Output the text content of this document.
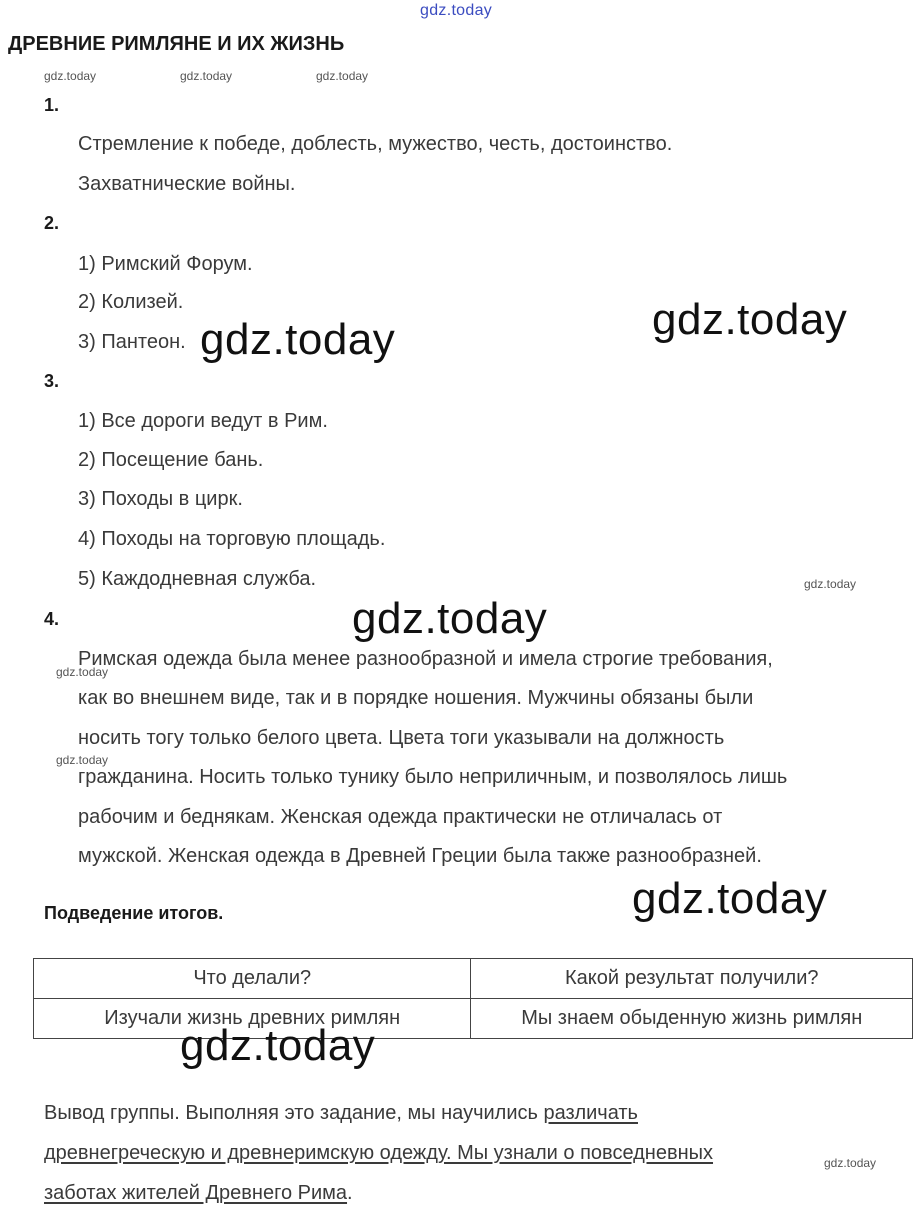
gdz.today
gdz.today	gdz.today	gdz.today
gdz.today
gdz.today
gdz.today
gdz.today
ДРЕВНИЕ РИМЛЯНЕ И ИХ ЖИЗНЬ
1.
Стремление к победе, доблесть, мужество, честь, достоинство.
Захватнические войны.
2.
1) Римский Форум.
2) Колизей.
3) Пантеон.
3.
1) Все дороги ведут в Рим.
2) Посещение бань.
3) Походы в цирк.
4) Походы на торговую площадь.
5) Каждодневная служба.
4.
Римская одежда была менее разнообразной и имела строгие требования,
как во внешнем виде, так и в порядке ношения. Мужчины обязаны были
носить тогу только белого цвета. Цвета тоги указывали на должность
гражданина. Носить только тунику было неприличным, и позволялось лишь
рабочим и беднякам. Женская одежда практически не отличалась от
мужской. Женская одежда в Древней Греции была также разнообразней.
Подведение итогов.
Что делали?	Какой результат получили?
Изучали жизнь древних римлян	Мы знаем обыденную жизнь римлян
Вывод группы. Выполняя это задание, мы научились различать
древнегреческую и древнеримскую одежду. Мы узнали о повседневных
заботах жителей Древнего Рима.
gdz.today	gdz.today
gdz.today
gdz.today
gdz.today
